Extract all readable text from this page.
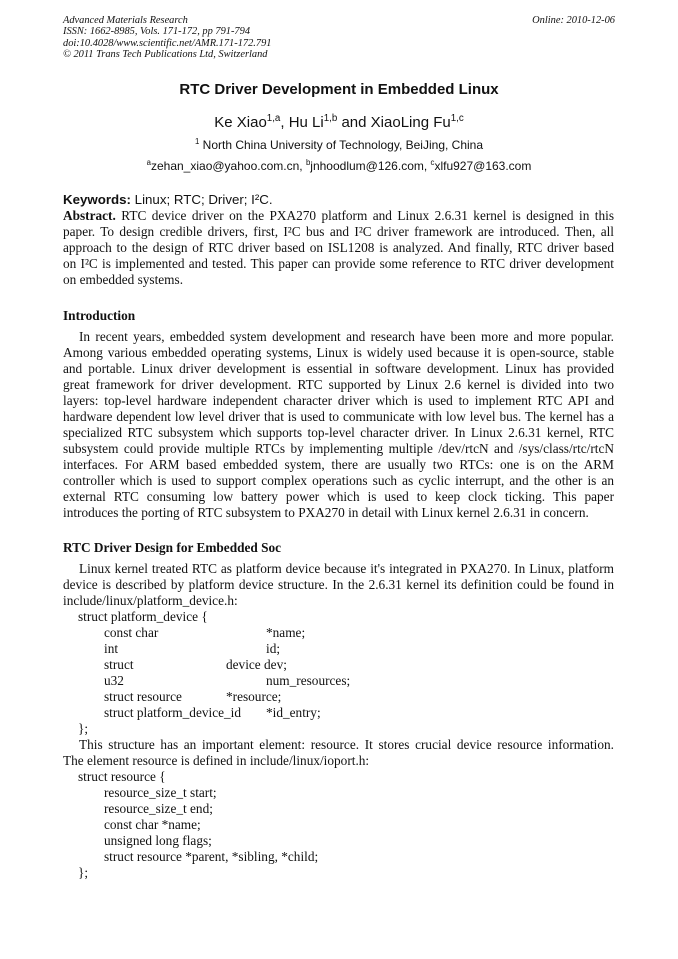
Advanced Materials Research
ISSN: 1662-8985, Vols. 171-172, pp 791-794
doi:10.4028/www.scientific.net/AMR.171-172.791
© 2011 Trans Tech Publications Ltd, Switzerland
Online: 2010-12-06
RTC Driver Development in Embedded Linux
Ke Xiao$^{1,a}$, Hu Li$^{1,b}$ and XiaoLing Fu$^{1,c}$
$^1$ North China University of Technology, BeiJing, China
$^a$zehan_xiao@yahoo.com.cn, $^b$jnhoodlum@126.com, $^c$xlfu927@163.com
Keywords: Linux; RTC; Driver; I²C.
Abstract. RTC device driver on the PXA270 platform and Linux 2.6.31 kernel is designed in this
paper. To design credible drivers, first, I²C bus and I²C driver framework are introduced. Then, all
approach to the design of RTC driver based on ISL1208 is analyzed. And finally, RTC driver based
on I²C is implemented and tested. This paper can provide some reference to RTC driver development
on embedded systems.
Introduction
In recent years, embedded system development and research have been more and more popular.
Among various embedded operating systems, Linux is widely used because it is open-source, stable
and portable. Linux driver development is essential in software development. Linux has provided
great framework for driver development. RTC supported by Linux 2.6 kernel is divided into two
layers: top-level hardware independent character driver which is used to implement RTC API and
hardware dependent low level driver that is used to communicate with low level bus. The kernel has a
specialized RTC subsystem which supports top-level character driver. In Linux 2.6.31 kernel, RTC
subsystem could provide multiple RTCs by implementing multiple /dev/rtcN and /sys/class/rtc/rtcN
interfaces. For ARM based embedded system, there are usually two RTCs: one is on the ARM
controller which is used to support complex operations such as cyclic interrupt, and the other is an
external RTC consuming low battery power which is used to keep clock ticking. This paper
introduces the porting of RTC subsystem to PXA270 in detail with Linux kernel 2.6.31 in concern.
RTC Driver Design for Embedded Soc
Linux kernel treated RTC as platform device because it's integrated in PXA270. In Linux, platform
device is described by platform device structure. In the 2.6.31 kernel its definition could be found in
include/linux/platform_device.h:
struct platform_device {
const char	*name;
int	id;
struct	device dev;
u32	num_resources;
struct resource	*resource;
struct platform_device_id *id_entry;
};
This structure has an important element: resource. It stores crucial device resource information.
The element resource is defined in include/linux/ioport.h:
struct resource {
resource_size_t start;
resource_size_t end;
const char *name;
unsigned long flags;
struct resource *parent, *sibling, *child;
};
